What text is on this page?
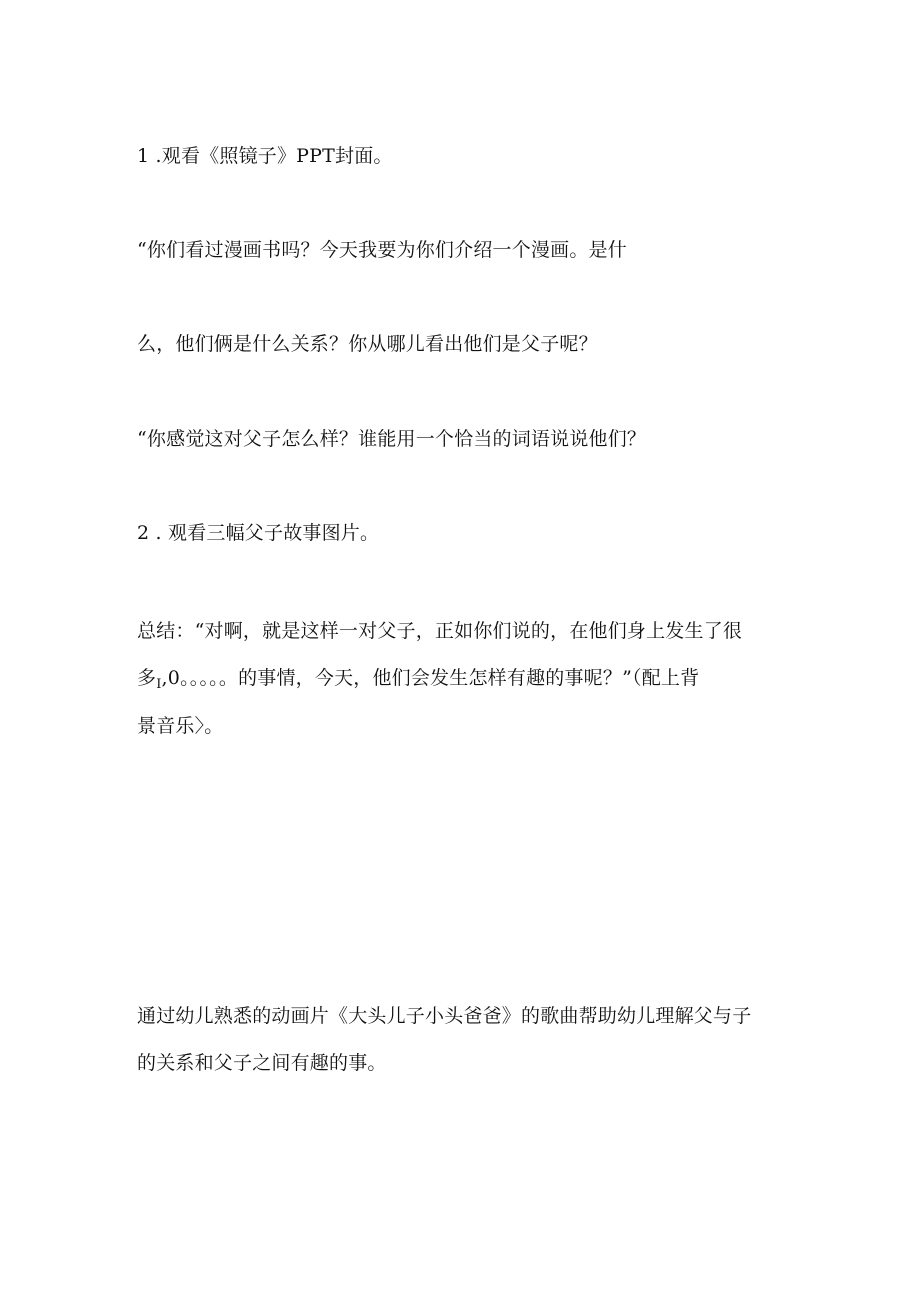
1 .观看《照镜子》PPT封面。
“你们看过漫画书吗？今天我要为你们介绍一个漫画。是什
么，他们俩是什么关系？你从哪儿看出他们是父子呢？
“你感觉这对父子怎么样？谁能用一个恰当的词语说说他们？
2 . 观看三幅父子故事图片。
总结：“对啊，就是这样一对父子，正如你们说的，在他们身上发生了很
多$_I$,0。。。。。的事情，今天，他们会发生怎样有趣的事呢？”（配上背
景音乐〉。
通过幼儿熟悉的动画片《大头儿子小头爸爸》的歌曲帮助幼儿理解父与子
的关系和父子之间有趣的事。
